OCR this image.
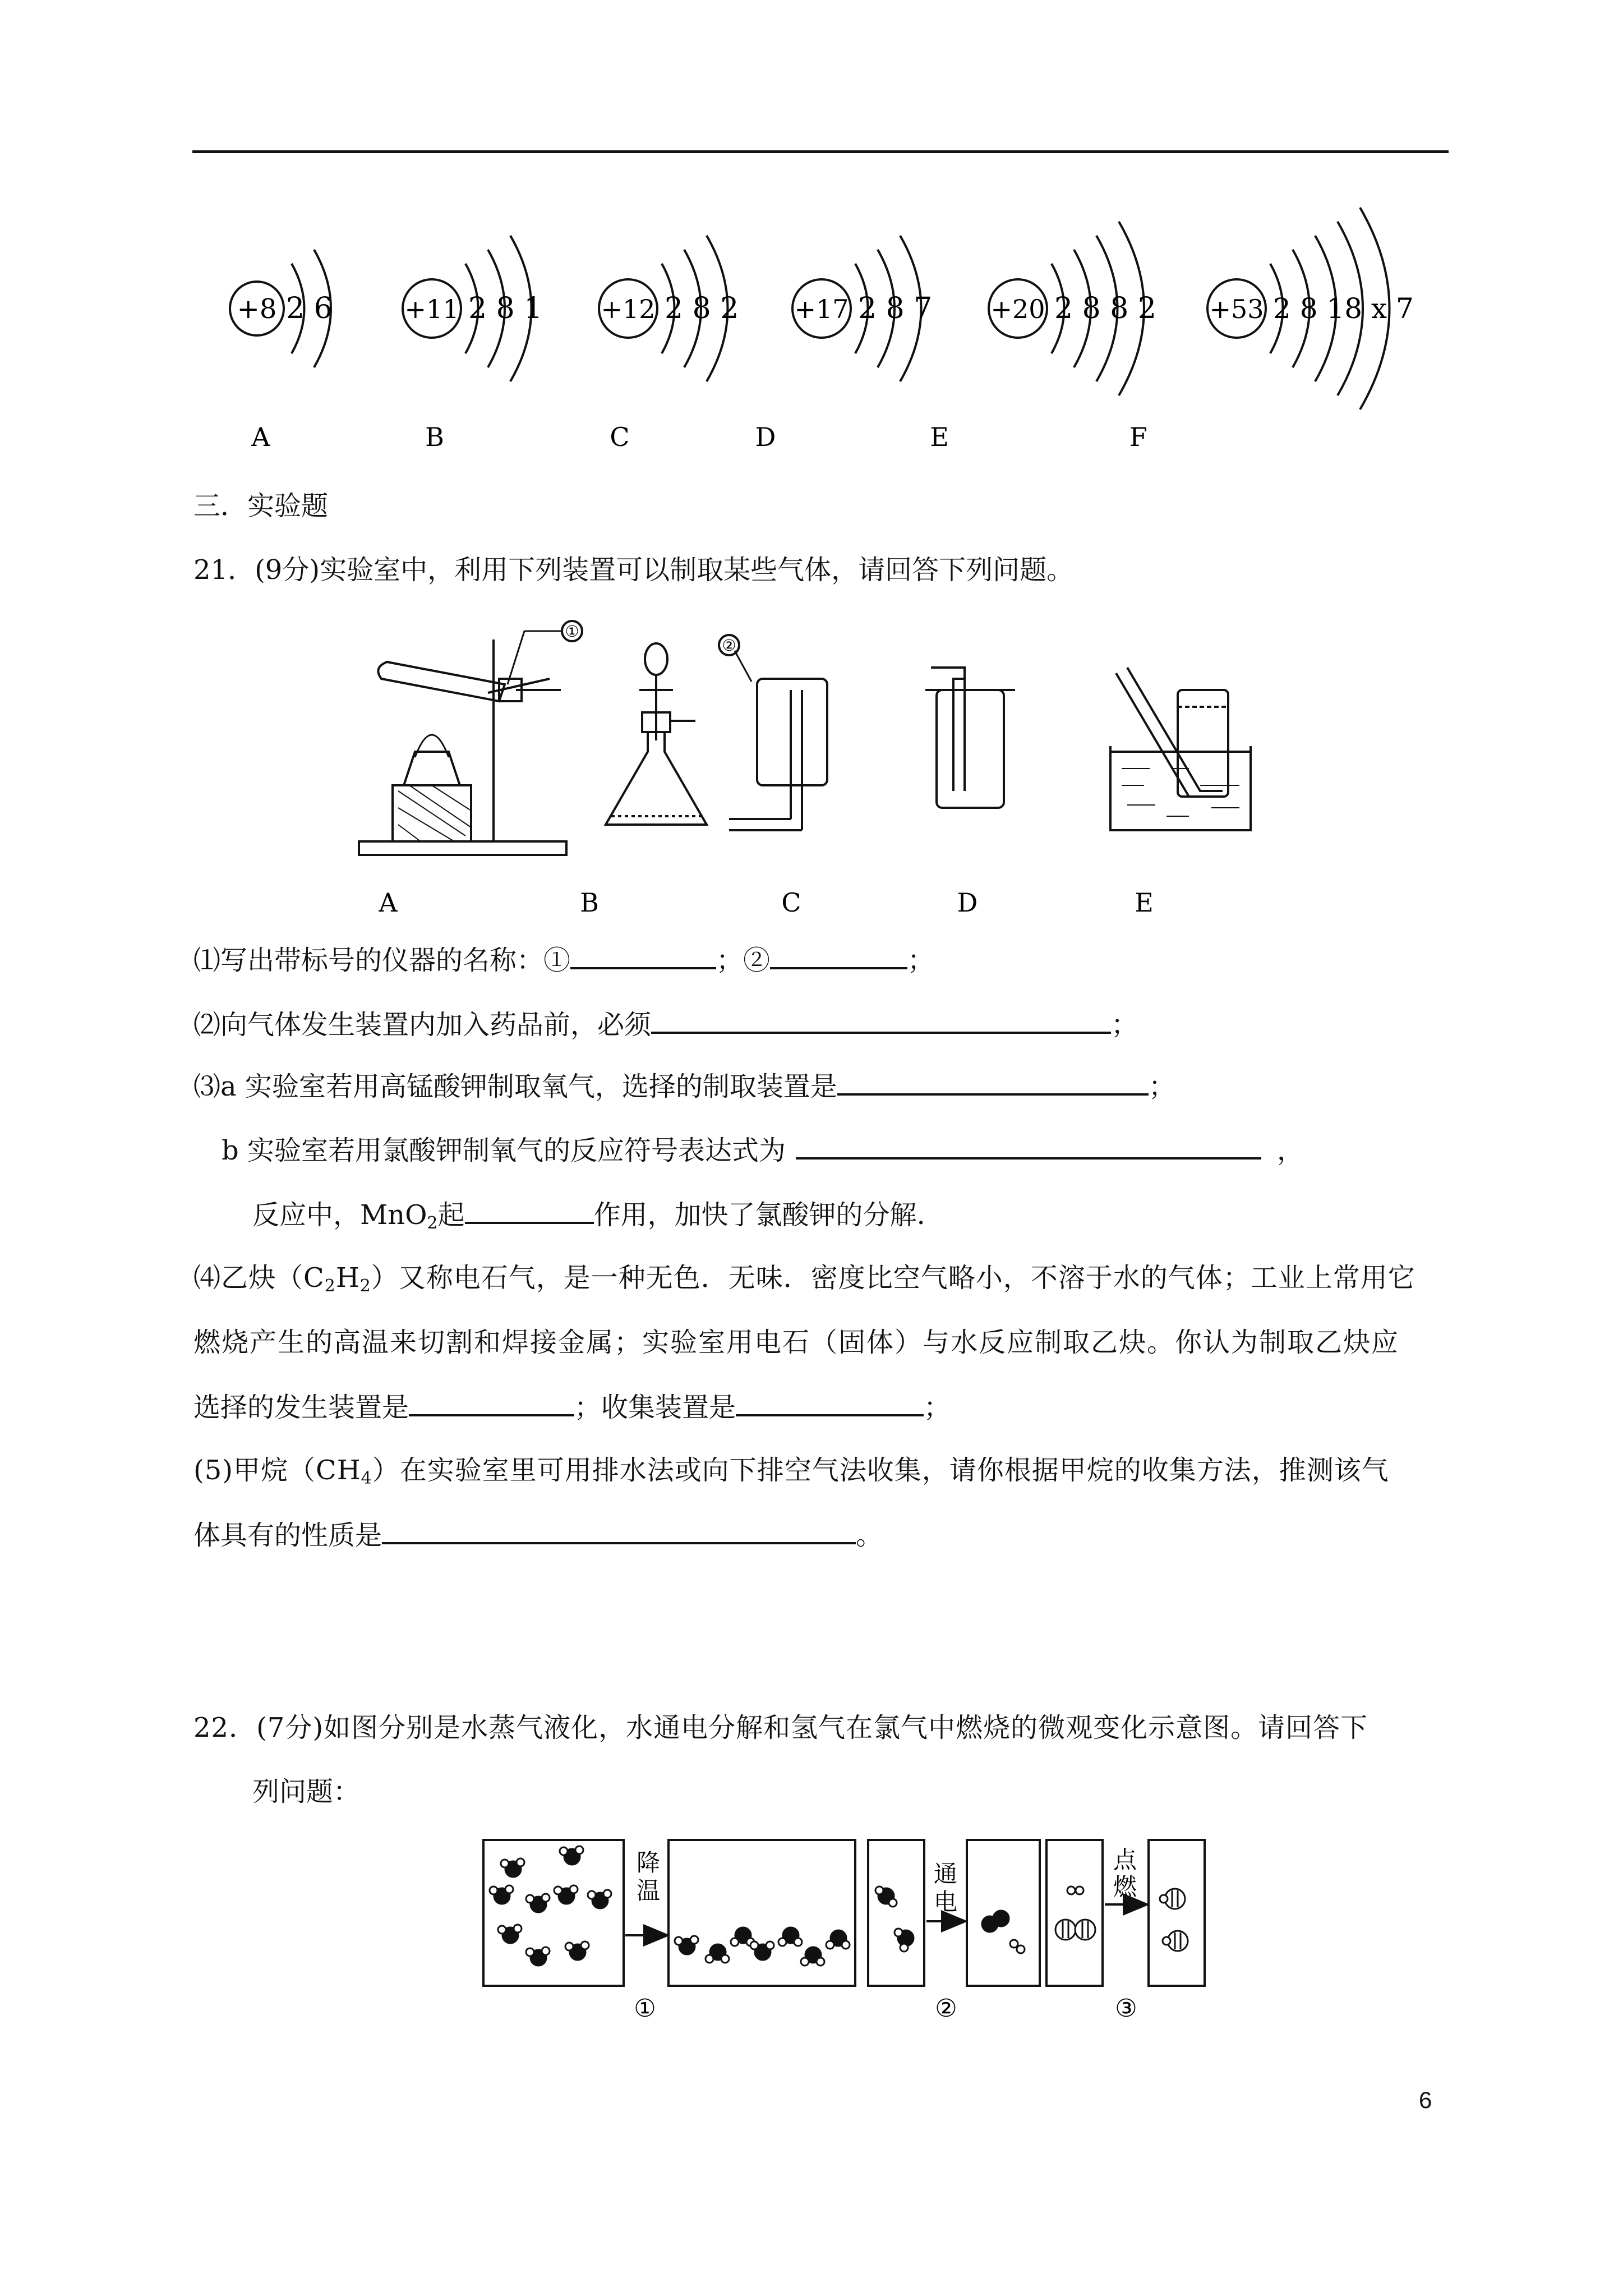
+8 2 6	+11 2 8 1 +12 2 8 2 +17 2 8 7 +20 2 8 8 2 +53 2 8 18 x 7
A	B	C	D	E	F
三．实验题
21．(9分)实验室中，利用下列装置可以制取某些气体，请回答下列问题。
①
②
A	B	C	D	E
⑴写出带标号的仪器的名称：①	；②	；
⑵向气体发生装置内加入药品前，必须	；
⑶a 实验室若用高锰酸钾制取氧气，选择的制取装置是	；
b 实验室若用氯酸钾制氧气的反应符号表达式为	，
反应中，MnO$_2$起	作用，加快了氯酸钾的分解.
⑷乙炔$(C_2H_2)$又称电石气，是一种无色．无味．密度比空气略小，不溶于水的气体；工业上常用它
燃烧产生的高温来切割和焊接金属；实验室用电石（固体）与水反应制取乙炔。你认为制取乙炔应
选择的发生装置是	；收集装置是	；
(5)甲烷$(CH_4)$在实验室里可用排水法或向下排空气法收集，请你根据甲烷的收集方法，推测该气
体具有的性质是	。
22．(7分)如图分别是水蒸气液化，水通电分解和氢气在氯气中燃烧的微观变化示意图。请回答下
列问题：
降
温
通
电
点
燃
①	②	③
6
